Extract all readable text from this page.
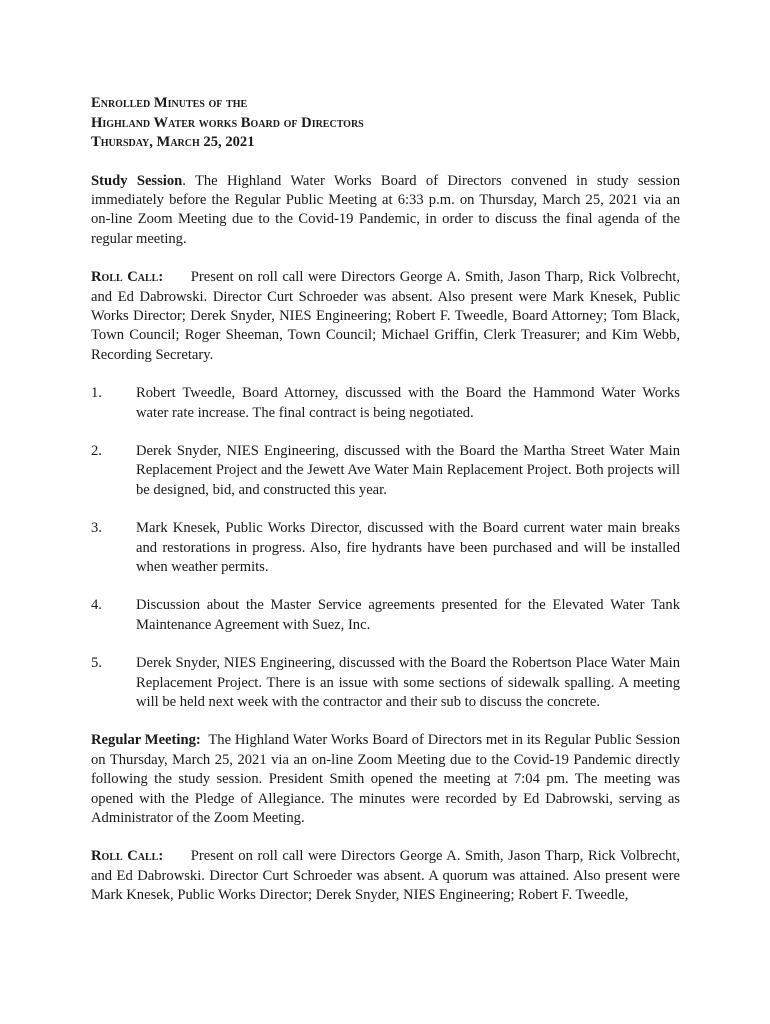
Enrolled Minutes of the
Highland Water works Board of Directors
Thursday, March 25, 2021

Study Session. The Highland Water Works Board of Directors convened in study session immediately before the Regular Public Meeting at 6:33 p.m. on Thursday, March 25, 2021 via an on-line Zoom Meeting due to the Covid-19 Pandemic, in order to discuss the final agenda of the regular meeting.

Roll Call: Present on roll call were Directors George A. Smith, Jason Tharp, Rick Volbrecht, and Ed Dabrowski. Director Curt Schroeder was absent. Also present were Mark Knesek, Public Works Director; Derek Snyder, NIES Engineering; Robert F. Tweedle, Board Attorney; Tom Black, Town Council; Roger Sheeman, Town Council; Michael Griffin, Clerk Treasurer; and Kim Webb, Recording Secretary.

1.	Robert Tweedle, Board Attorney, discussed with the Board the Hammond Water Works water rate increase. The final contract is being negotiated.
2.	Derek Snyder, NIES Engineering, discussed with the Board the Martha Street Water Main Replacement Project and the Jewett Ave Water Main Replacement Project. Both projects will be designed, bid, and constructed this year.
3.	Mark Knesek, Public Works Director, discussed with the Board current water main breaks and restorations in progress. Also, fire hydrants have been purchased and will be installed when weather permits.
4.	Discussion about the Master Service agreements presented for the Elevated Water Tank Maintenance Agreement with Suez, Inc.
5.	Derek Snyder, NIES Engineering, discussed with the Board the Robertson Place Water Main Replacement Project. There is an issue with some sections of sidewalk spalling. A meeting will be held next week with the contractor and their sub to discuss the concrete.

Regular Meeting: The Highland Water Works Board of Directors met in its Regular Public Session on Thursday, March 25, 2021 via an on-line Zoom Meeting due to the Covid-19 Pandemic directly following the study session. President Smith opened the meeting at 7:04 pm. The meeting was opened with the Pledge of Allegiance. The minutes were recorded by Ed Dabrowski, serving as Administrator of the Zoom Meeting.

Roll Call: Present on roll call were Directors George A. Smith, Jason Tharp, Rick Volbrecht, and Ed Dabrowski. Director Curt Schroeder was absent. A quorum was attained. Also present were Mark Knesek, Public Works Director; Derek Snyder, NIES Engineering; Robert F. Tweedle,
